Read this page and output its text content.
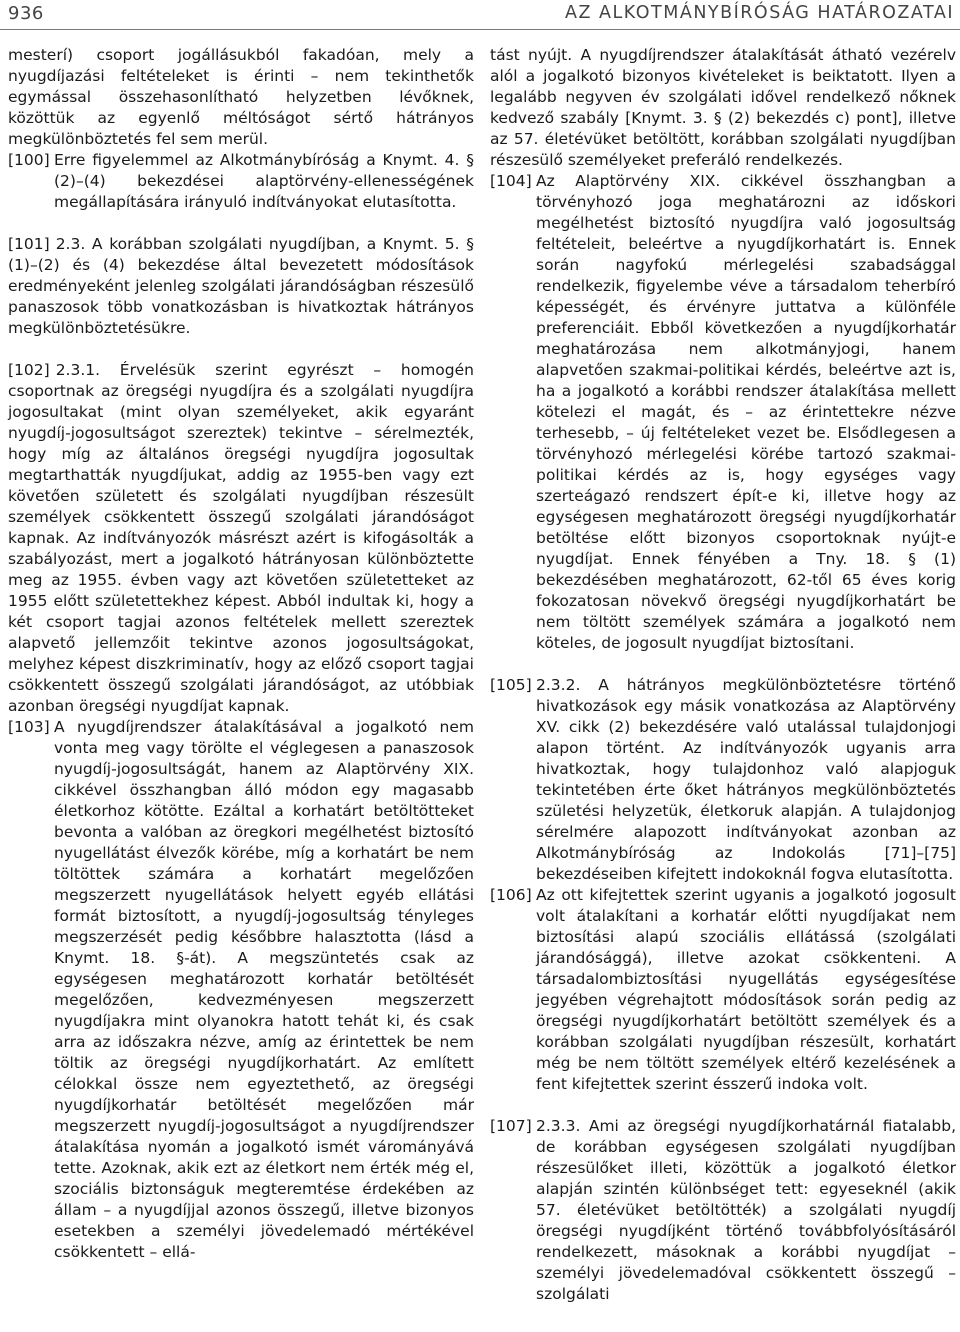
936	AZ ALKOTMÁNYBÍRÓSÁG HATÁROZATAI

mesterí) csoport jogállásukból fakadóan, mely a nyugdíjazási feltételeket is érinti – nem tekinthetők egymással összehasonlítható helyzetben lévőknek, közöttük az egyenlő méltóságot sértő hátrányos megkülönböztetés fel sem merül.

[100] Erre figyelemmel az Alkotmánybíróság a Knymt. 4. § (2)–(4) bekezdései alaptörvény-ellenességének megállapítására irányuló indítványokat elutasította.

[101] 2.3. A korábban szolgálati nyugdíjban, a Knymt. 5. § (1)–(2) és (4) bekezdése által bevezetett módosítások eredményeként jelenleg szolgálati járandóságban részesülő panaszosok több vonatkozásban is hivatkoztak hátrányos megkülönböztetésükre.

[102] 2.3.1. Érvelésük szerint egyrészt – homogén csoportnak az öregségi nyugdíjra és a szolgálati nyugdíjra jogosultakat (mint olyan személyeket, akik egyaránt nyugdíj-jogosultságot szereztek) tekintve – sérelmezték, hogy míg az általános öregségi nyugdíjra jogosultak megtarthatták nyugdíjukat, addig az 1955-ben vagy ezt követően született és szolgálati nyugdíjban részesült személyek csökkentett összegű szolgálati járandóságot kapnak. Az indítványozók másrészt azért is kifogásolták a szabályozást, mert a jogalkotó hátrányosan különböztette meg az 1955. évben vagy azt követően születetteket az 1955 előtt születettekhez képest. Abból indultak ki, hogy a két csoport tagjai azonos feltételek mellett szereztek alapvető jellemzőit tekintve azonos jogosultságokat, melyhez képest diszkriminatív, hogy az előző csoport tagjai csökkentett összegű szolgálati járandóságot, az utóbbiak azonban öregségi nyugdíjat kapnak.

[103] A nyugdíjrendszer átalakításával a jogalkotó nem vonta meg vagy törölte el véglegesen a panaszosok nyugdíj-jogosultságát, hanem az Alaptörvény XIX. cikkével összhangban álló módon egy magasabb életkorhoz kötötte. Ezáltal a korhatárt betöltötteket bevonta a valóban az öregkori megélhetést biztosító nyugellátást élvezők körébe, míg a korhatárt be nem töltöttek számára a korhatárt megelőzően megszerzett nyugellátások helyett egyéb ellátási formát biztosított, a nyugdíj-jogosultság tényleges megszerzését pedig későbbre halasztotta (lásd a Knymt. 18. §-át). A megszüntetés csak az egységesen meghatározott korhatár betöltését megelőzően, kedvezményesen megszerzett nyugdíjakra mint olyanokra hatott tehát ki, és csak arra az időszakra nézve, amíg az érintettek be nem töltik az öregségi nyugdíjkorhatárt. Az említett célokkal össze nem egyeztethető, az öregségi nyugdíjkorhatár betöltését megelőzően már megszerzett nyugdíj-jogosultságot a nyugdíjrendszer átalakítása nyomán a jogalkotó ismét várományává tette. Azoknak, akik ezt az életkort nem érték még el, szociális biztonságuk megteremtése érdekében az állam – a nyugdíjjal azonos összegű, illetve bizonyos esetekben a személyi jövedelemadó mértékével csökkentett – ellá-

tást nyújt. A nyugdíjrendszer átalakítását átható vezérelv alól a jogalkotó bizonyos kivételeket is beiktatott. Ilyen a legalább negyven év szolgálati idővel rendelkező nőknek kedvező szabály [Knymt. 3. § (2) bekezdés c) pont], illetve az 57. életévüket betöltött, korábban szolgálati nyugdíjban részesülő személyeket preferáló rendelkezés.

[104] Az Alaptörvény XIX. cikkével összhangban a törvényhozó joga meghatározni az időskori megélhetést biztosító nyugdíjra való jogosultság feltételeit, beleértve a nyugdíjkorhatárt is. Ennek során nagyfokú mérlegelési szabadsággal rendelkezik, figyelembe véve a társadalom teherbíró képességét, és érvényre juttatva a különféle preferenciáit. Ebből következően a nyugdíjkorhatár meghatározása nem alkotmányjogi, hanem alapvetően szakmai-politikai kérdés, beleértve azt is, ha a jogalkotó a korábbi rendszer átalakítása mellett kötelezi el magát, és – az érintettekre nézve terhesebb, – új feltételeket vezet be. Elsődlegesen a törvényhozó mérlegelési körébe tartozó szakmai-politikai kérdés az is, hogy egységes vagy szerteágazó rendszert épít-e ki, illetve hogy az egységesen meghatározott öregségi nyugdíjkorhatár betöltése előtt bizonyos csoportoknak nyújt-e nyugdíjat. Ennek fényében a Tny. 18. § (1) bekezdésében meghatározott, 62-től 65 éves korig fokozatosan növekvő öregségi nyugdíjkorhatárt be nem töltött személyek számára a jogalkotó nem köteles, de jogosult nyugdíjat biztosítani.

[105] 2.3.2. A hátrányos megkülönböztetésre történő hivatkozások egy másik vonatkozása az Alaptörvény XV. cikk (2) bekezdésére való utalással tulajdonjogi alapon történt. Az indítványozók ugyanis arra hivatkoztak, hogy tulajdonhoz való alapjoguk tekintetében érte őket hátrányos megkülönböztetés születési helyzetük, életkoruk alapján. A tulajdonjog sérelmére alapozott indítványokat azonban az Alkotmánybíróság az Indokolás [71]–[75] bekezdéseiben kifejtett indokoknál fogva elutasította.

[106] Az ott kifejtettek szerint ugyanis a jogalkotó jogosult volt átalakítani a korhatár előtti nyugdíjakat nem biztosítási alapú szociális ellátássá (szolgálati járandósággá), illetve azokat csökkenteni. A társadalombiztosítási nyugellátás egységesítése jegyében végrehajtott módosítások során pedig az öregségi nyugdíjkorhatárt betöltött személyek és a korábban szolgálati nyugdíjban részesült, korhatárt még be nem töltött személyek eltérő kezelésének a fent kifejtettek szerint ésszerű indoka volt.

[107] 2.3.3. Ami az öregségi nyugdíjkorhatárnál fiatalabb, de korábban egységesen szolgálati nyugdíjban részesülőket illeti, közöttük a jogalkotó életkor alapján szintén különbséget tett: egyeseknél (akik 57. életévüket betöltötték) a szolgálati nyugdíj öregségi nyugdíjként történő továbbfolyósításáról rendelkezett, másoknak a korábbi nyugdíjat – személyi jövedelemadóval csökkentett összegű – szolgálati
